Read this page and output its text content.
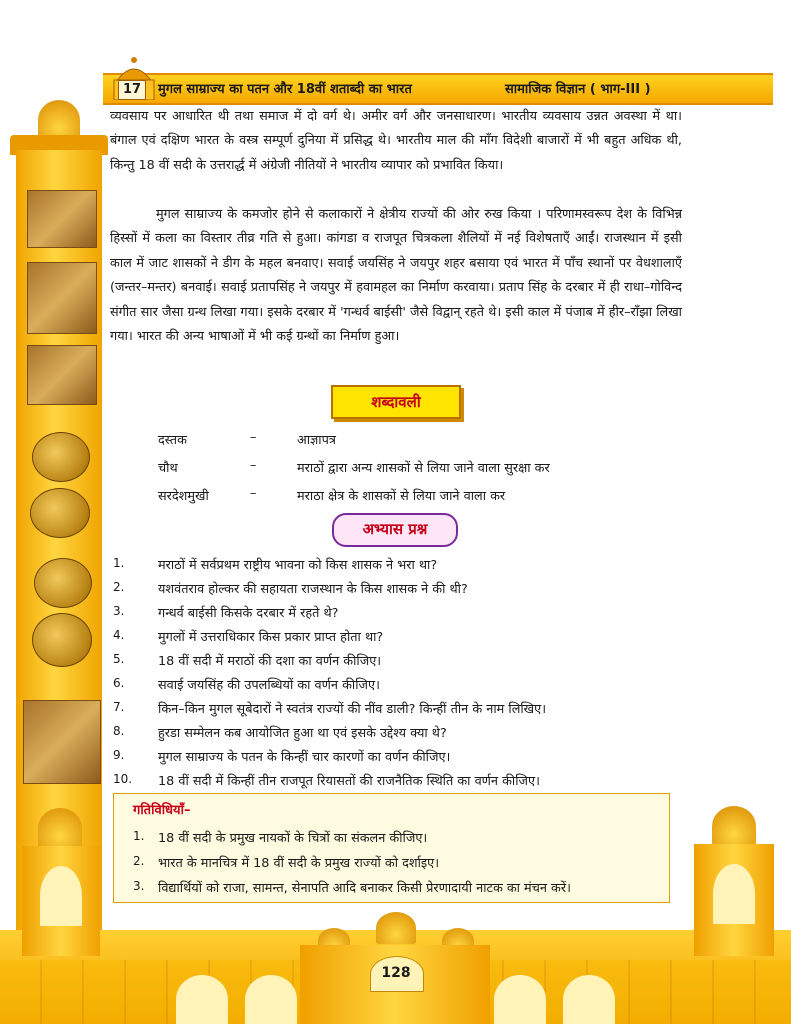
17	मुगल साम्राज्य का पतन और 18वीं शताब्दी का भारत	सामाजिक विज्ञान ( भाग-III )

व्यवसाय पर आधारित थी तथा समाज में दो वर्ग थे। अमीर वर्ग और जनसाधारण। भारतीय व्यवसाय उन्नत अवस्था में था। बंगाल एवं दक्षिण भारत के वस्त्र सम्पूर्ण दुनिया में प्रसिद्ध थे। भारतीय माल की माँग विदेशी बाजारों में भी बहुत अधिक थी, किन्तु 18 वीं सदी के उत्तरार्द्ध में अंग्रेजी नीतियों ने भारतीय व्यापार को प्रभावित किया।

मुगल साम्राज्य के कमजोर होने से कलाकारों ने क्षेत्रीय राज्यों की ओर रुख किया । परिणामस्वरूप देश के विभिन्न हिस्सों में कला का विस्तार तीव्र गति से हुआ। कांगडा व राजपूत चित्रकला शैलियों में नई विशेषताएँ आईं। राजस्थान में इसी काल में जाट शासकों ने डीग के महल बनवाए। सवाई जयसिंह ने जयपुर शहर बसाया एवं भारत में पाँच स्थानों पर वेधशालाएँ (जन्तर–मन्तर) बनवाई। सवाई प्रतापसिंह ने जयपुर में हवामहल का निर्माण करवाया। प्रताप सिंह के दरबार में ही राधा–गोविन्द संगीत सार जैसा ग्रन्थ लिखा गया। इसके दरबार में 'गन्धर्व बाईसी' जैसे विद्वान् रहते थे। इसी काल में पंजाब में हीर–राँझा लिखा गया। भारत की अन्य भाषाओं में भी कई ग्रन्थों का निर्माण हुआ।

शब्दावली
दस्तक	–	आज्ञापत्र
चौथ	–	मराठों द्वारा अन्य शासकों से लिया जाने वाला सुरक्षा कर
सरदेशमुखी	–	मराठा क्षेत्र के शासकों से लिया जाने वाला कर
अभ्यास प्रश्न
1.	मराठों में सर्वप्रथम राष्ट्रीय भावना को किस शासक ने भरा था?
2.	यशवंतराव होल्कर की सहायता राजस्थान के किस शासक ने की थी?
3.	गन्धर्व बाईसी किसके दरबार में रहते थे?
4.	मुगलों में उत्तराधिकार किस प्रकार प्राप्त होता था?
5.	18 वीं सदी में मराठों की दशा का वर्णन कीजिए।
6.	सवाई जयसिंह की उपलब्धियों का वर्णन कीजिए।
7.	किन–किन मुगल सूबेदारों ने स्वतंत्र राज्यों की नींव डाली? किन्हीं तीन के नाम लिखिए।
8.	हुरडा सम्मेलन कब आयोजित हुआ था एवं इसके उद्देश्य क्या थे?
9.	मुगल साम्राज्य के पतन के किन्हीं चार कारणों का वर्णन कीजिए।
10.	18 वीं सदी में किन्हीं तीन राजपूत रियासतों की राजनैतिक स्थिति का वर्णन कीजिए।
128
गतिविधियाँ–
1. 18 वीं सदी के प्रमुख नायकों के चित्रों का संकलन कीजिए।
2. भारत के मानचित्र में 18 वीं सदी के प्रमुख राज्यों को दर्शाइए।
3. विद्यार्थियों को राजा, सामन्त, सेनापति आदि बनाकर किसी प्रेरणादायी नाटक का मंचन करें।
